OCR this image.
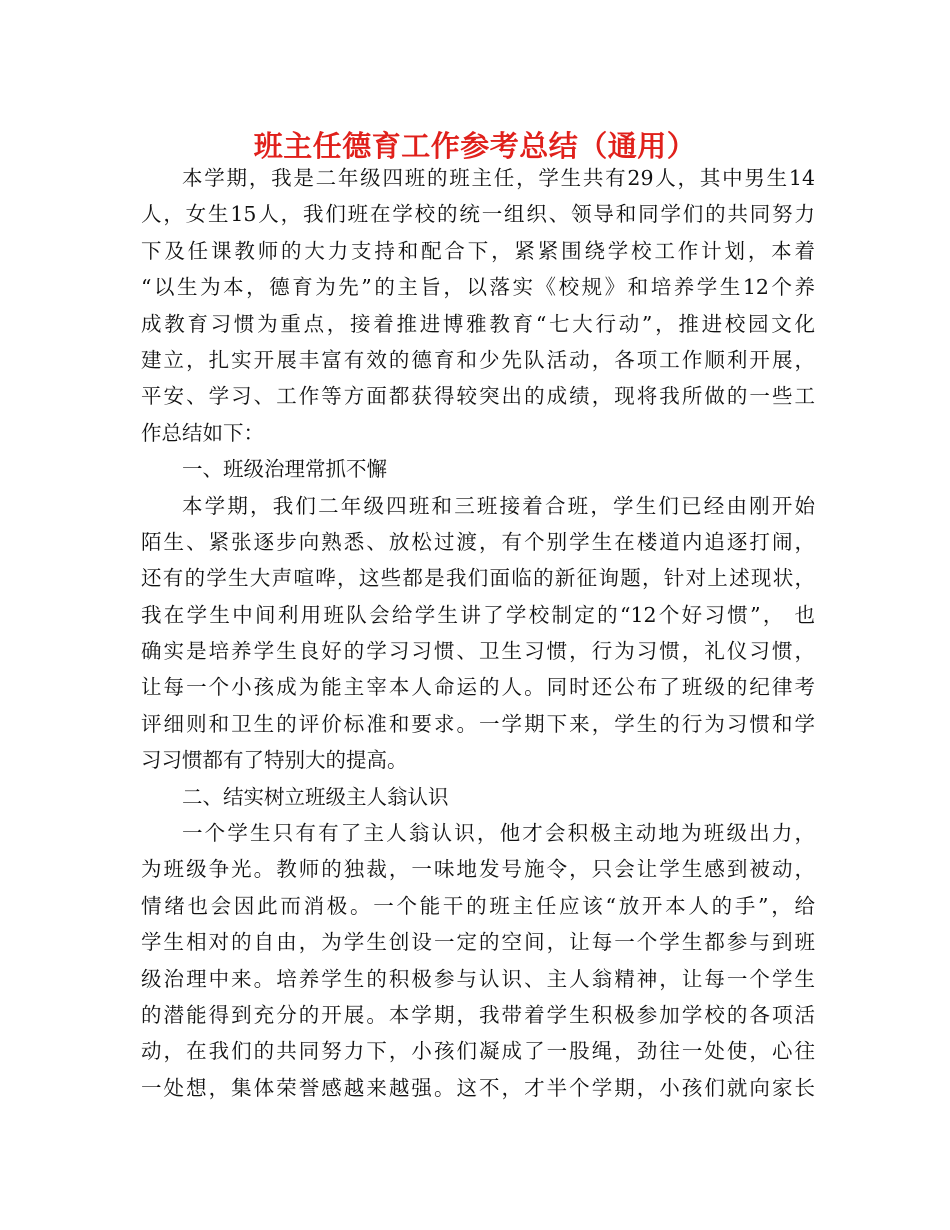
班主任德育工作参考总结（通用）
本学期，我是二年级四班的班主任，学生共有29人，其中男生14
人，女生15人，我们班在学校的统一组织、领导和同学们的共同努力
下及任课教师的大力支持和配合下，紧紧围绕学校工作计划，本着
“以生为本，德育为先”的主旨，以落实《校规》和培养学生12个养
成教育习惯为重点，接着推进博雅教育“七大行动”，推进校园文化
建立，扎实开展丰富有效的德育和少先队活动，各项工作顺利开展，
平安、学习、工作等方面都获得较突出的成绩，现将我所做的一些工
作总结如下：
一、班级治理常抓不懈
本学期，我们二年级四班和三班接着合班，学生们已经由刚开始
陌生、紧张逐步向熟悉、放松过渡，有个别学生在楼道内追逐打闹，
还有的学生大声喧哗，这些都是我们面临的新征询题，针对上述现状，
我在学生中间利用班队会给学生讲了学校制定的“12个好习惯”， 也
确实是培养学生良好的学习习惯、卫生习惯，行为习惯，礼仪习惯，
让每一个小孩成为能主宰本人命运的人。同时还公布了班级的纪律考
评细则和卫生的评价标准和要求。一学期下来，学生的行为习惯和学
习习惯都有了特别大的提高。
二、结实树立班级主人翁认识
一个学生只有有了主人翁认识，他才会积极主动地为班级出力，
为班级争光。教师的独裁，一味地发号施令，只会让学生感到被动，
情绪也会因此而消极。一个能干的班主任应该“放开本人的手”，给
学生相对的自由，为学生创设一定的空间，让每一个学生都参与到班
级治理中来。培养学生的积极参与认识、主人翁精神，让每一个学生
的潜能得到充分的开展。本学期，我带着学生积极参加学校的各项活
动，在我们的共同努力下，小孩们凝成了一股绳，劲往一处使，心往
一处想，集体荣誉感越来越强。这不，才半个学期，小孩们就向家长
